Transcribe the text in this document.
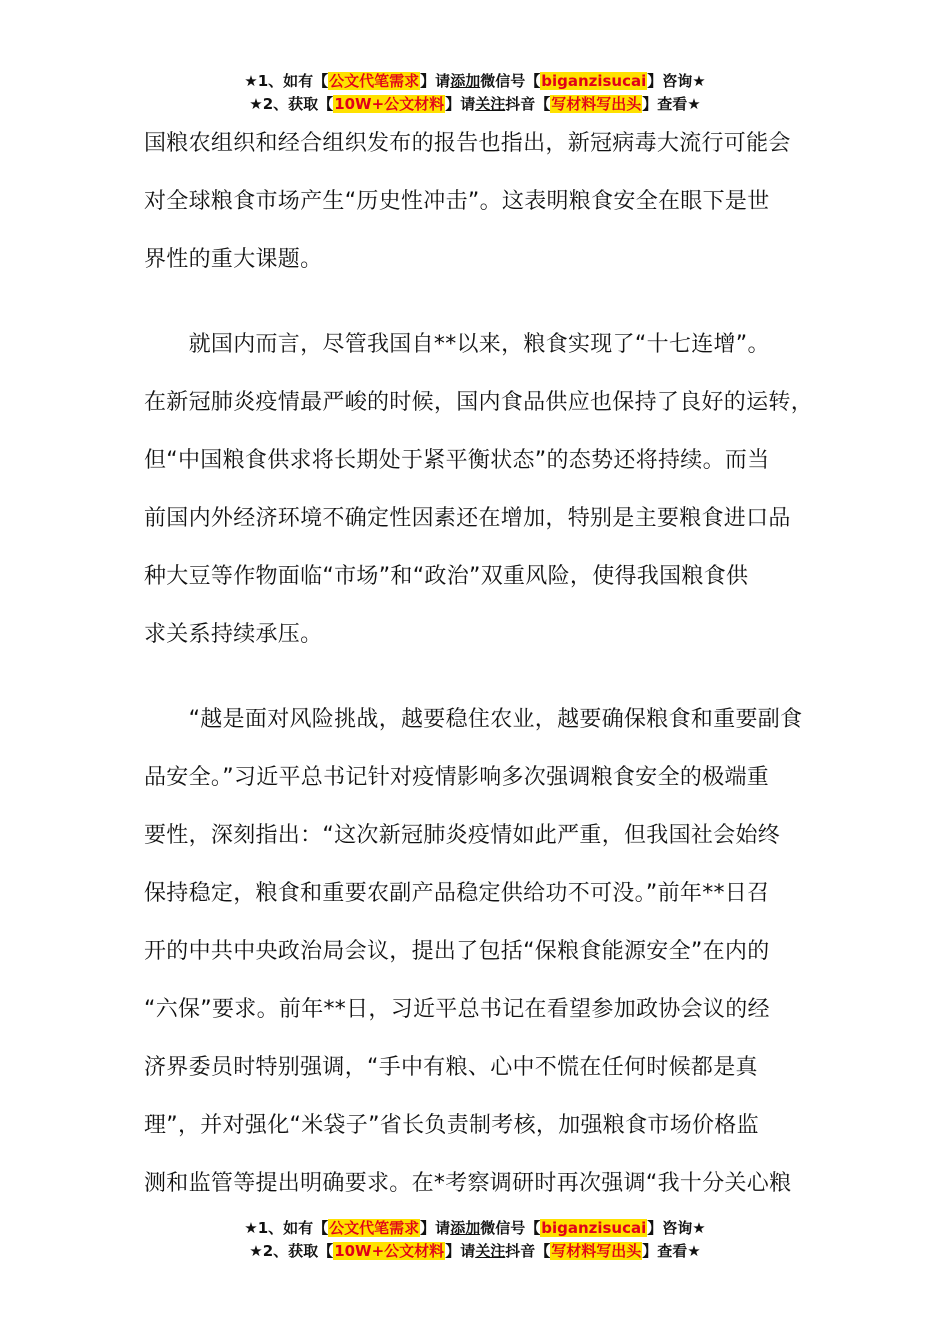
★1、如有【公文代笔需求】请添加微信号【biganzisucai】咨询★
★2、获取【10W+公文材料】请关注抖音【写材料写出头】查看★

国粮农组织和经合组织发布的报告也指出，新冠病毒大流行可能会

对全球粮食市场产生“历史性冲击”。这表明粮食安全在眼下是世

界性的重大课题。

　　就国内而言，尽管我国自**以来，粮食实现了“十七连增”。

在新冠肺炎疫情最严峻的时候，国内食品供应也保持了良好的运转，

但“中国粮食供求将长期处于紧平衡状态”的态势还将持续。而当

前国内外经济环境不确定性因素还在增加，特别是主要粮食进口品

种大豆等作物面临“市场”和“政治”双重风险，使得我国粮食供

求关系持续承压。

　　“越是面对风险挑战，越要稳住农业，越要确保粮食和重要副食

品安全。”习近平总书记针对疫情影响多次强调粮食安全的极端重

要性，深刻指出：“这次新冠肺炎疫情如此严重，但我国社会始终

保持稳定，粮食和重要农副产品稳定供给功不可没。”前年**日召

开的中共中央政治局会议，提出了包括“保粮食能源安全”在内的

“六保”要求。前年**日，习近平总书记在看望参加政协会议的经

济界委员时特别强调，“手中有粮、心中不慌在任何时候都是真

理”，并对强化“米袋子”省长负责制考核，加强粮食市场价格监

测和监管等提出明确要求。在*考察调研时再次强调“我十分关心粮

★1、如有【公文代笔需求】请添加微信号【biganzisucai】咨询★
★2、获取【10W+公文材料】请关注抖音【写材料写出头】查看★
